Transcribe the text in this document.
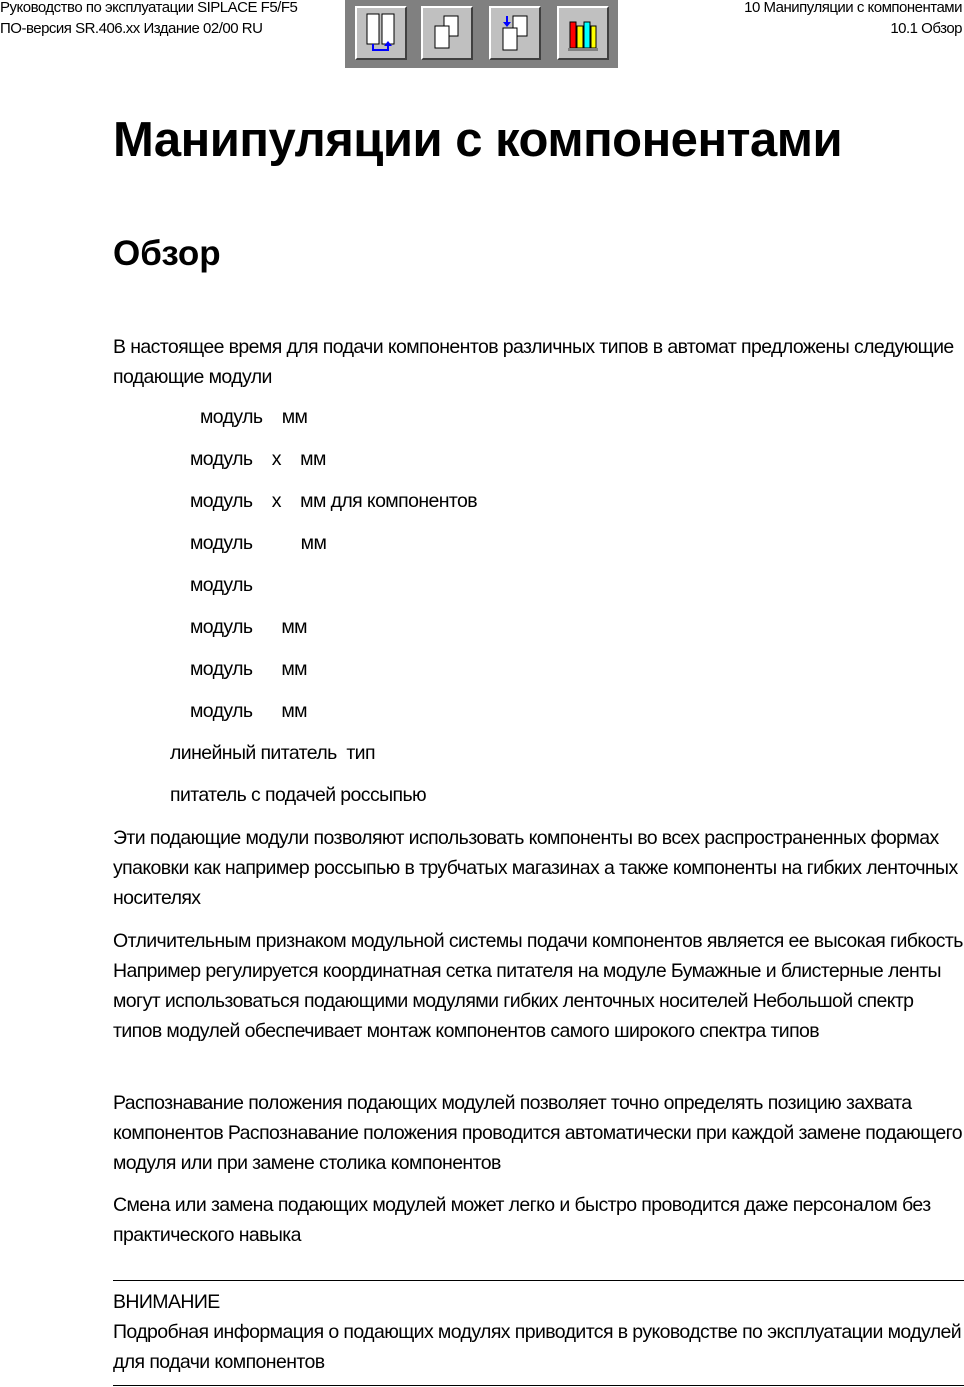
Руководство по эксплуатации SIPLACE F5/F5
ПО-версия SR.406.xx Издание 02/00 RU
10 Манипуляции с компонентами
10.1 Обзор
Манипуляции с компонентами
Обзор
В настоящее время для подачи компонентов различных типов в автомат предложены следующие подающие модули
модуль    мм
модуль    х    мм
модуль    х    мм для компонентов
модуль          мм
модуль
модуль      мм
модуль      мм
модуль      мм
линейный питатель  тип
питатель с подачей россыпью
Эти подающие модули позволяют использовать компоненты во всех распространенных формах упаковки как например россыпью в трубчатых магазинах а также компоненты на гибких ленточных носителях
Отличительным признаком модульной системы подачи компонентов является ее высокая гибкость Например регулируется координатная сетка питателя на модуле Бумажные и блистерные ленты могут использоваться подающими модулями гибких ленточных носителей Небольшой спектр типов модулей обеспечивает монтаж компонентов самого широкого спектра типов
Распознавание положения подающих модулей позволяет точно определять позицию захвата компонентов Распознавание положения проводится автоматически при каждой замене подающего модуля или при замене столика компонентов
Смена или замена подающих модулей может легко и быстро проводится даже персоналом без практического навыка
ВНИМАНИЕ
Подробная информация о подающих модулях приводится в руководстве по эксплуатации модулей для подачи компонентов
